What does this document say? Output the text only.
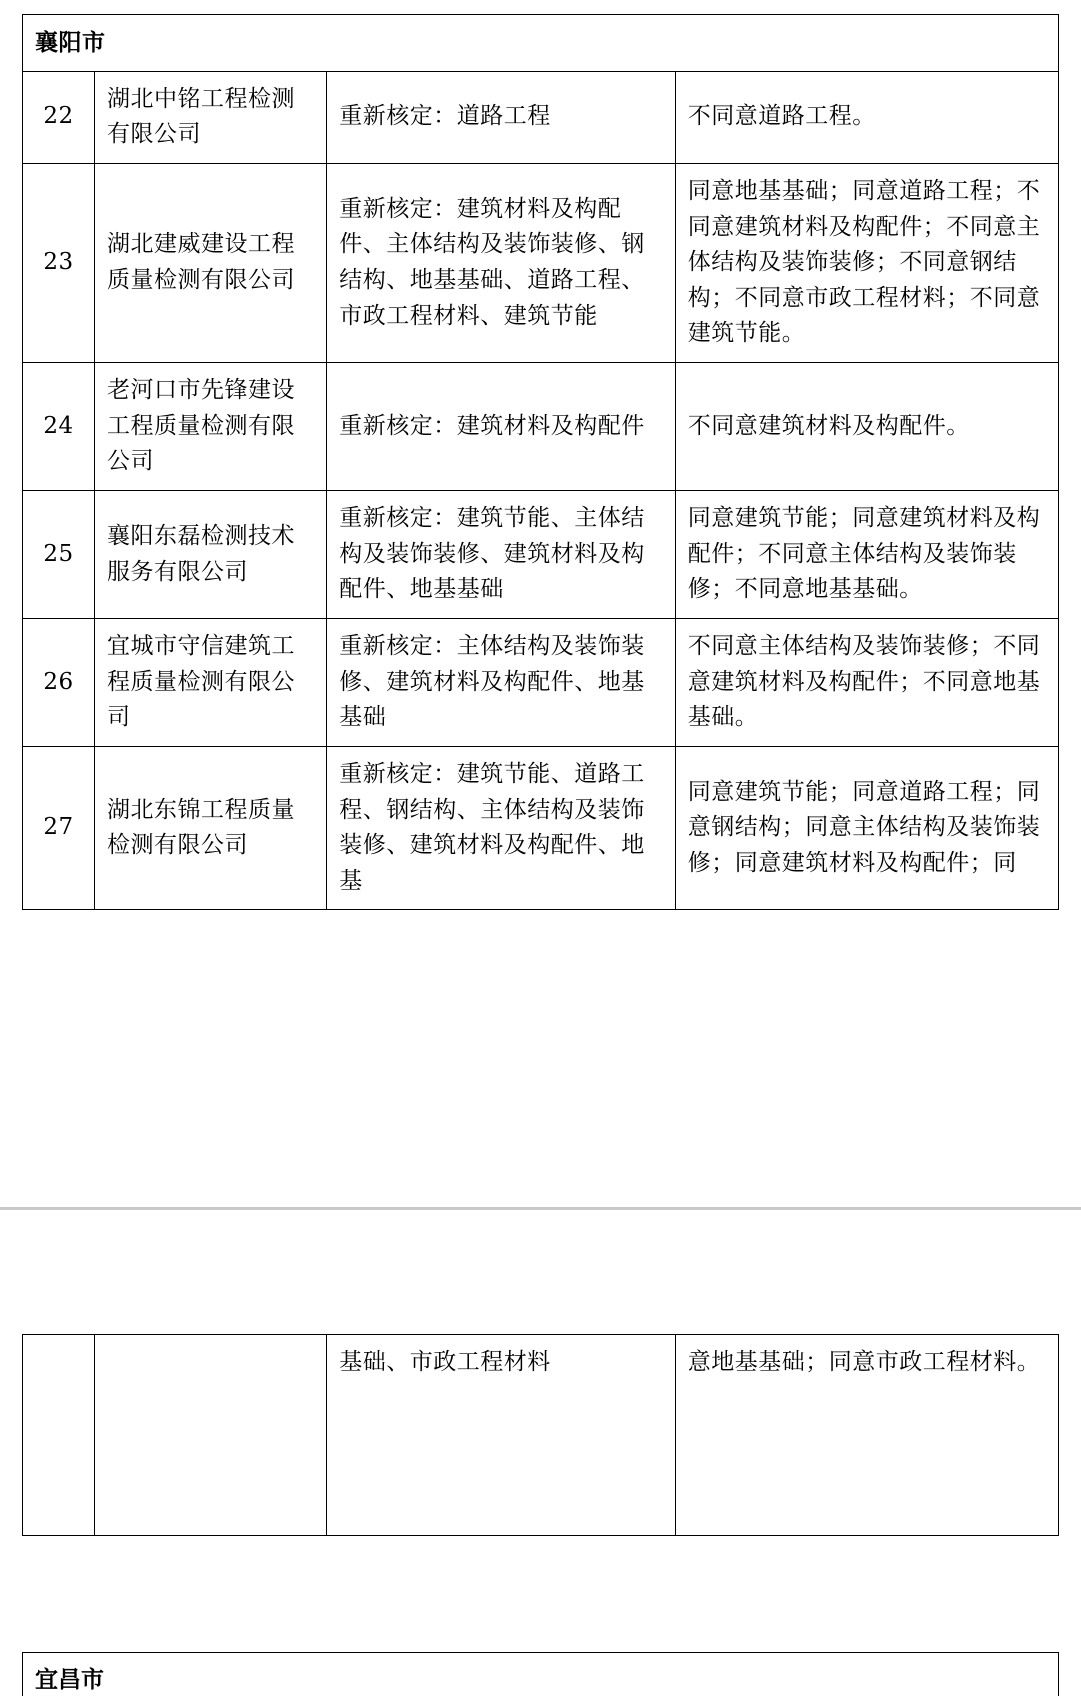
襄阳市			
22	湖北中铭工程检测有限公司	重新核定：道路工程	不同意道路工程。
23	湖北建威建设工程质量检测有限公司	重新核定：建筑材料及构配件、主体结构及装饰装修、钢结构、地基基础、道路工程、市政工程材料、建筑节能	同意地基基础；同意道路工程；不同意建筑材料及构配件；不同意主体结构及装饰装修；不同意钢结构；不同意市政工程材料；不同意建筑节能。
24	老河口市先锋建设工程质量检测有限公司	重新核定：建筑材料及构配件	不同意建筑材料及构配件。
25	襄阳东磊检测技术服务有限公司	重新核定：建筑节能、主体结构及装饰装修、建筑材料及构配件、地基基础	同意建筑节能；同意建筑材料及构配件；不同意主体结构及装饰装修；不同意地基基础。
26	宜城市守信建筑工程质量检测有限公司	重新核定：主体结构及装饰装修、建筑材料及构配件、地基基础	不同意主体结构及装饰装修；不同意建筑材料及构配件；不同意地基基础。
27	湖北东锦工程质量检测有限公司	重新核定：建筑节能、道路工程、钢结构、主体结构及装饰装修、建筑材料及构配件、地基	同意建筑节能；同意道路工程；同意钢结构；同意主体结构及装饰装修；同意建筑材料及构配件；同
		基础、市政工程材料	意地基基础；同意市政工程材料。
宜昌市
